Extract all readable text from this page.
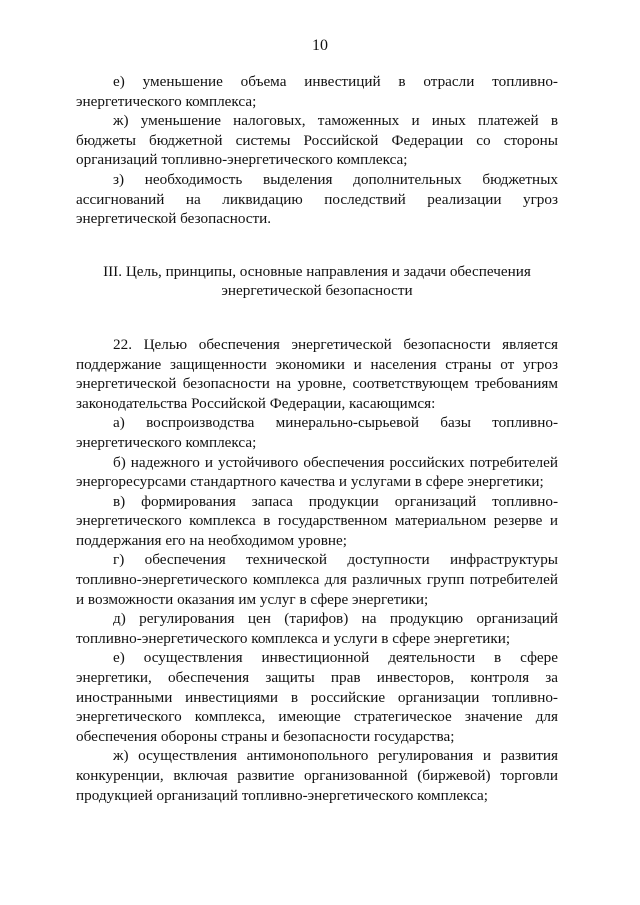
10

е) уменьшение объема инвестиций в отрасли топливно-энергетического комплекса;

ж) уменьшение налоговых, таможенных и иных платежей в бюджеты бюджетной системы Российской Федерации со стороны организаций топливно-энергетического комплекса;

з) необходимость выделения дополнительных бюджетных ассигнований на ликвидацию последствий реализации угроз энергетической безопасности.

III. Цель, принципы, основные направления и задачи обеспечения
энергетической безопасности

22. Целью обеспечения энергетической безопасности является поддержание защищенности экономики и населения страны от угроз энергетической безопасности на уровне, соответствующем требованиям законодательства Российской Федерации, касающимся:

а) воспроизводства минерально-сырьевой базы топливно-энергетического комплекса;

б) надежного и устойчивого обеспечения российских потребителей энергоресурсами стандартного качества и услугами в сфере энергетики;

в) формирования запаса продукции организаций топливно-энергетического комплекса в государственном материальном резерве и поддержания его на необходимом уровне;

г) обеспечения технической доступности инфраструктуры топливно-энергетического комплекса для различных групп потребителей и возможности оказания им услуг в сфере энергетики;

д) регулирования цен (тарифов) на продукцию организаций топливно-энергетического комплекса и услуги в сфере энергетики;

е) осуществления инвестиционной деятельности в сфере энергетики, обеспечения защиты прав инвесторов, контроля за иностранными инвестициями в российские организации топливно-энергетического комплекса, имеющие стратегическое значение для обеспечения обороны страны и безопасности государства;

ж) осуществления антимонопольного регулирования и развития конкуренции, включая развитие организованной (биржевой) торговли продукцией организаций топливно-энергетического комплекса;
